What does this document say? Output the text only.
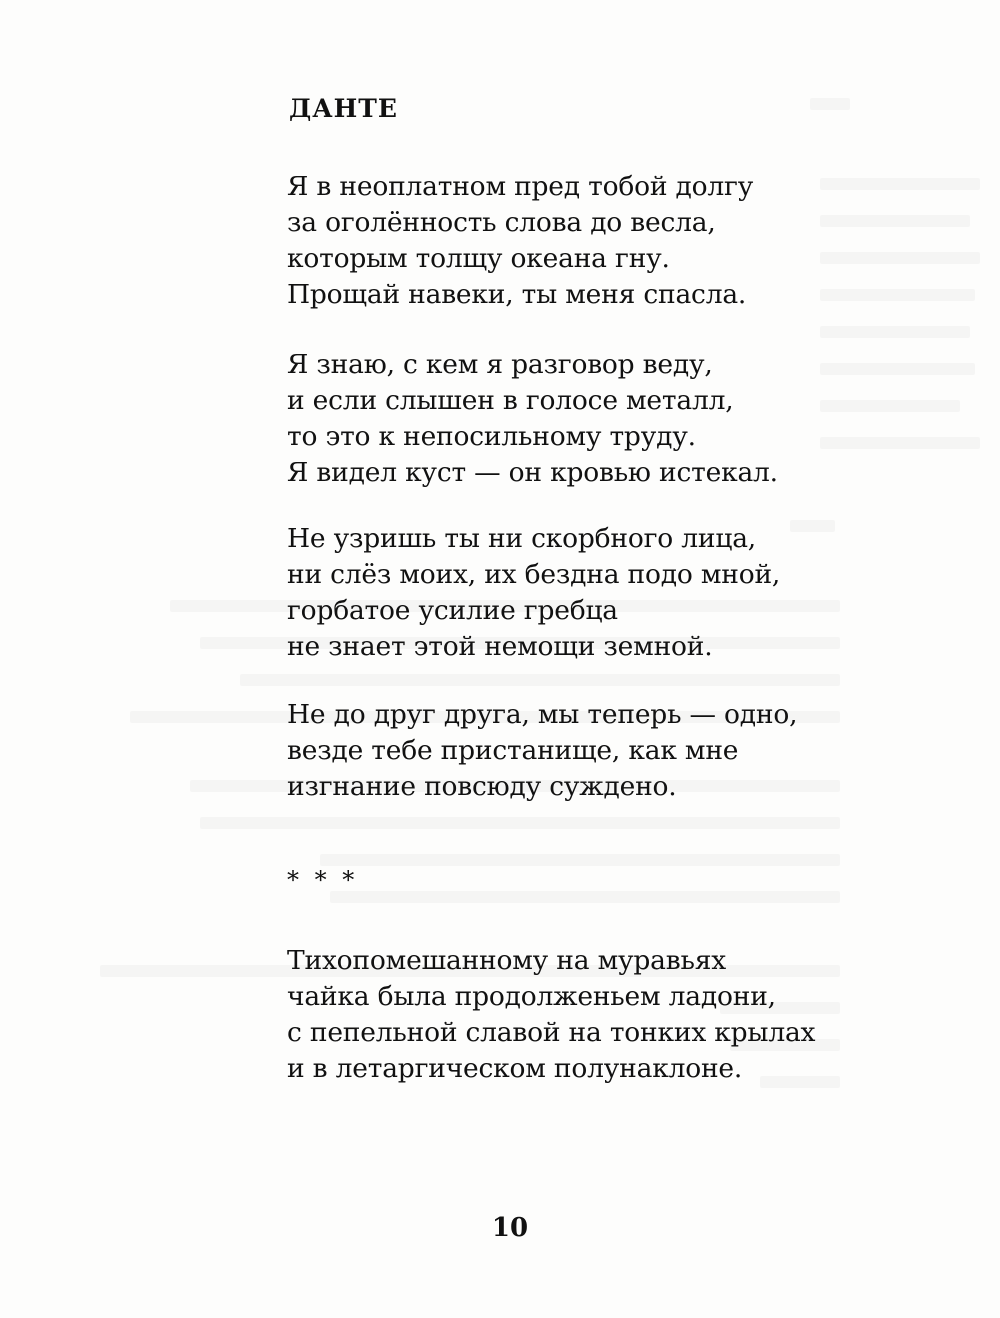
ДАНТЕ
Я в неоплатном пред тобой долгу
за оголённость слова до весла,
которым толщу океана гну.
Прощай навеки, ты меня спасла.
Я знаю, с кем я разговор веду,
и если слышен в голосе металл,
то это к непосильному труду.
Я видел куст — он кровью истекал.
Не узришь ты ни скорбного лица,
ни слёз моих, их бездна подо мной,
горбатое усилие гребца
не знает этой немощи земной.
Не до друг друга, мы теперь — одно,
везде тебе пристанище, как мне
изгнание повсюду суждено.
* * *
Тихопомешанному на муравьях
чайка была продолженьем ладони,
с пепельной славой на тонких крылах
и в летаргическом полунаклоне.
10
